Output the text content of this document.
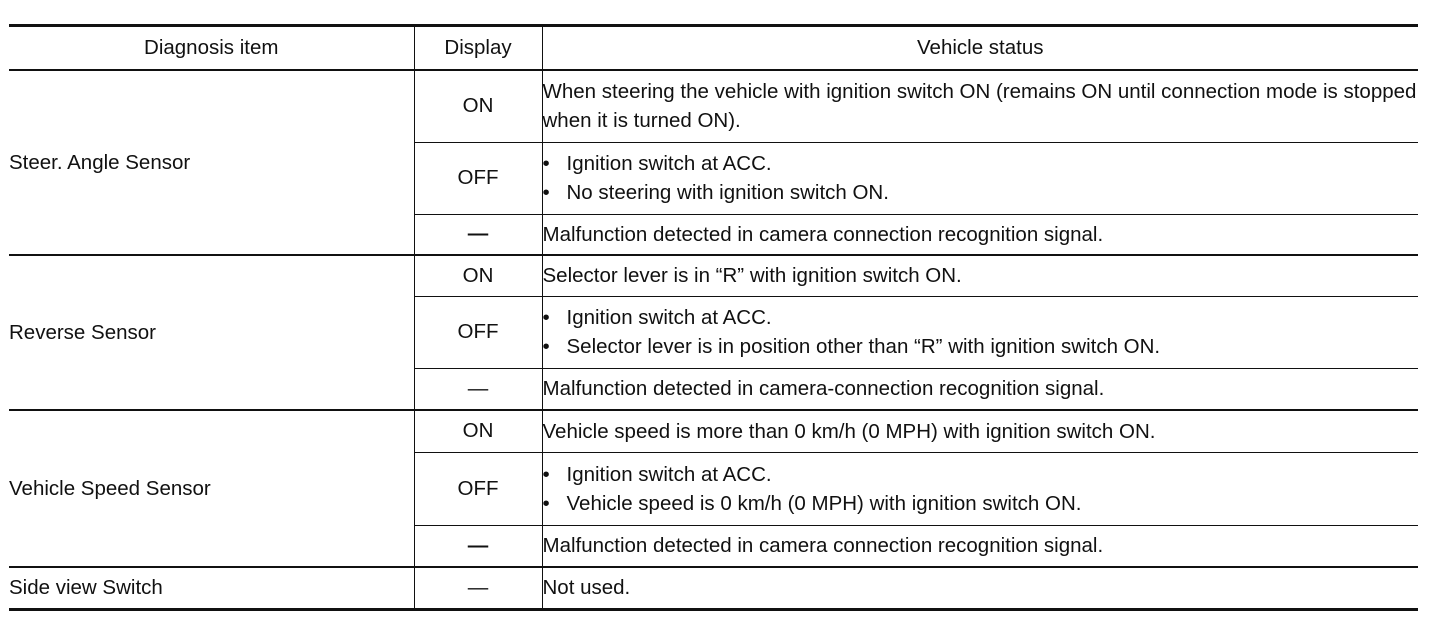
Diagnosis item	Display	Vehicle status
Steer. Angle Sensor	ON	When steering the vehicle with ignition switch ON (remains ON until connection mode is stopped when it is turned ON).
	OFF	• Ignition switch at ACC.
• No steering with ignition switch ON.

	—	Malfunction detected in camera connection recognition signal.
Reverse Sensor	ON	Selector lever is in “R” with ignition switch ON.
	OFF	• Ignition switch at ACC.
• Selector lever is in position other than “R” with ignition switch ON.

	—	Malfunction detected in camera-connection recognition signal.
Vehicle Speed Sensor	ON	Vehicle speed is more than 0 km/h (0 MPH) with ignition switch ON.
	OFF	• Ignition switch at ACC.
• Vehicle speed is 0 km/h (0 MPH) with ignition switch ON.

	—	Malfunction detected in camera connection recognition signal.
Side view Switch	—	Not used.
